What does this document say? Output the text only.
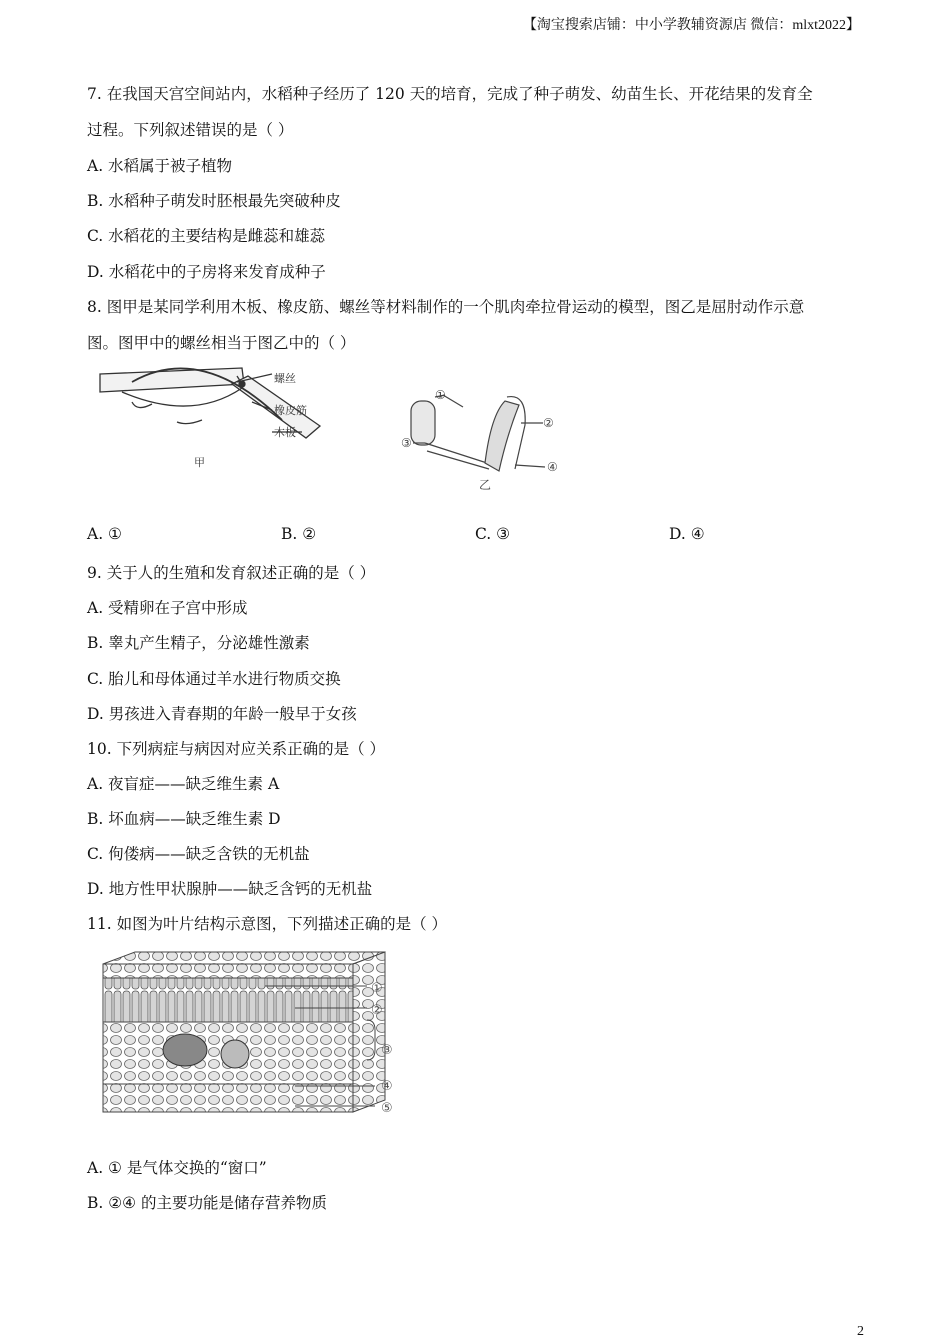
【淘宝搜索店铺：中小学教辅资源店 微信：mlxt2022】
7. 在我国天宫空间站内，水稻种子经历了 120 天的培育，完成了种子萌发、幼苗生长、开花结果的发育全
过程。下列叙述错误的是（ ）
A. 水稻属于被子植物
B. 水稻种子萌发时胚根最先突破种皮
C. 水稻花的主要结构是雌蕊和雄蕊
D. 水稻花中的子房将来发育成种子
8. 图甲是某同学利用木板、橡皮筋、螺丝等材料制作的一个肌肉牵拉骨运动的模型，图乙是屈肘动作示意
图。图甲中的螺丝相当于图乙中的（ ）
螺丝
橡皮筋
木板
甲
①
②
③
④
乙
A. ①	B. ②	C. ③	D. ④
9. 关于人的生殖和发育叙述正确的是（ ）
A. 受精卵在子宫中形成
B. 睾丸产生精子，分泌雄性激素
C. 胎儿和母体通过羊水进行物质交换
D. 男孩进入青春期的年龄一般早于女孩
10. 下列病症与病因对应关系正确的是（ ）
A. 夜盲症——缺乏维生素 A
B. 坏血病——缺乏维生素 D
C. 佝偻病——缺乏含铁的无机盐
D. 地方性甲状腺肿——缺乏含钙的无机盐
11. 如图为叶片结构示意图，下列描述正确的是（ ）
①
②
③
④
⑤
A. ① 是气体交换的“窗口”
B. ②④ 的主要功能是储存营养物质
2
